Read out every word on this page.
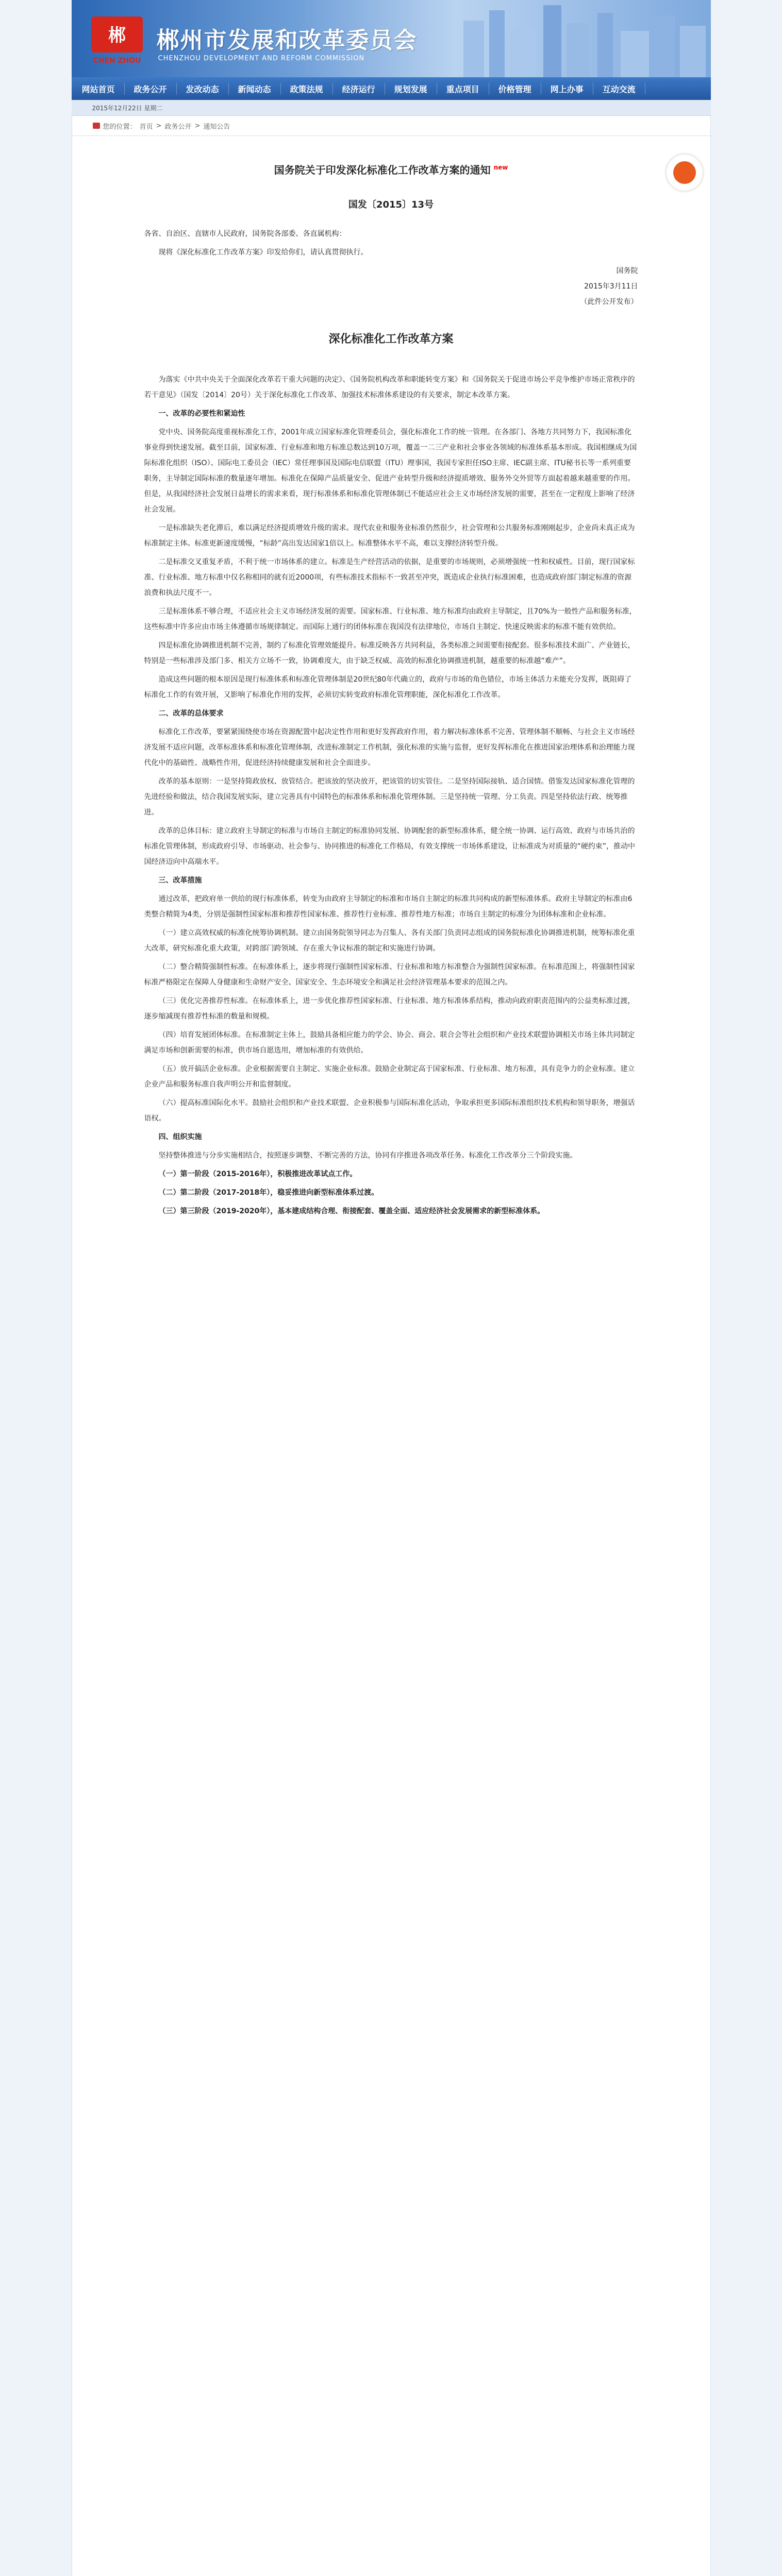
郴
CHEN ZHOU
郴州市发展和改革委员会
CHENZHOU DEVELOPMENT AND REFORM COMMISSION
网站首页	政务公开	发改动态	新闻动态	政策法规	经济运行	规划发展	重点项目	价格管理	网上办事	互动交流
2015年12月22日 星期二
您的位置： 首页 > 政务公开 > 通知公告
国务院关于印发深化标准化工作改革方案的通知 $^{new}$
国发〔2015〕13号

各省、自治区、直辖市人民政府，国务院各部委、各直属机构：

现将《深化标准化工作改革方案》印发给你们，请认真贯彻执行。

国务院
2015年3月11日
（此件公开发布）
深化标准化工作改革方案

为落实《中共中央关于全面深化改革若干重大问题的决定》、《国务院机构改革和职能转变方案》和《国务院关于促进市场公平竞争维护市场正常秩序的若干意见》（国发〔2014〕20号）关于深化标准化工作改革、加强技术标准体系建设的有关要求，制定本改革方案。

一、改革的必要性和紧迫性

党中央、国务院高度重视标准化工作，2001年成立国家标准化管理委员会，强化标准化工作的统一管理。在各部门、各地方共同努力下，我国标准化事业得到快速发展。截至目前，国家标准、行业标准和地方标准总数达到10万项，覆盖一二三产业和社会事业各领域的标准体系基本形成。我国相继成为国际标准化组织（ISO）、国际电工委员会（IEC）常任理事国及国际电信联盟（ITU）理事国，我国专家担任ISO主席、IEC副主席、ITU秘书长等一系列重要职务，主导制定国际标准的数量逐年增加。标准化在保障产品质量安全、促进产业转型升级和经济提质增效、服务外交外贸等方面起着越来越重要的作用。但是，从我国经济社会发展日益增长的需求来看，现行标准体系和标准化管理体制已不能适应社会主义市场经济发展的需要，甚至在一定程度上影响了经济社会发展。

一是标准缺失老化滞后，难以满足经济提质增效升级的需求。现代农业和服务业标准仍然很少，社会管理和公共服务标准刚刚起步，企业尚未真正成为标准制定主体。标准更新速度缓慢，“标龄”高出发达国家1倍以上。标准整体水平不高，难以支撑经济转型升级。

二是标准交叉重复矛盾，不利于统一市场体系的建立。标准是生产经营活动的依据，是重要的市场规则，必须增强统一性和权威性。目前，现行国家标准、行业标准、地方标准中仅名称相同的就有近2000项，有些标准技术指标不一致甚至冲突，既造成企业执行标准困难，也造成政府部门制定标准的资源浪费和执法尺度不一。

三是标准体系不够合理，不适应社会主义市场经济发展的需要。国家标准、行业标准、地方标准均由政府主导制定，且70%为一般性产品和服务标准，这些标准中许多应由市场主体遵循市场规律制定。而国际上通行的团体标准在我国没有法律地位，市场自主制定、快速反映需求的标准不能有效供给。

四是标准化协调推进机制不完善，制约了标准化管理效能提升。标准反映各方共同利益，各类标准之间需要衔接配套。很多标准技术面广、产业链长，特别是一些标准涉及部门多、相关方立场不一致，协调难度大，由于缺乏权威、高效的标准化协调推进机制，越重要的标准越“难产”。

造成这些问题的根本原因是现行标准体系和标准化管理体制是20世纪80年代确立的，政府与市场的角色错位，市场主体活力未能充分发挥，既阻碍了标准化工作的有效开展，又影响了标准化作用的发挥，必须切实转变政府标准化管理职能，深化标准化工作改革。

二、改革的总体要求

标准化工作改革，要紧紧围绕使市场在资源配置中起决定性作用和更好发挥政府作用，着力解决标准体系不完善、管理体制不顺畅、与社会主义市场经济发展不适应问题，改革标准体系和标准化管理体制，改进标准制定工作机制，强化标准的实施与监督，更好发挥标准化在推进国家治理体系和治理能力现代化中的基础性、战略性作用，促进经济持续健康发展和社会全面进步。

改革的基本原则：一是坚持简政放权、放管结合。把该放的坚决放开，把该管的切实管住。二是坚持国际接轨、适合国情。借鉴发达国家标准化管理的先进经验和做法，结合我国发展实际，建立完善具有中国特色的标准体系和标准化管理体制。三是坚持统一管理、分工负责。四是坚持依法行政、统筹推进。

改革的总体目标：建立政府主导制定的标准与市场自主制定的标准协同发展、协调配套的新型标准体系，健全统一协调、运行高效、政府与市场共治的标准化管理体制，形成政府引导、市场驱动、社会参与、协同推进的标准化工作格局，有效支撑统一市场体系建设，让标准成为对质量的“硬约束”，推动中国经济迈向中高端水平。

三、改革措施

通过改革，把政府单一供给的现行标准体系，转变为由政府主导制定的标准和市场自主制定的标准共同构成的新型标准体系。政府主导制定的标准由6类整合精简为4类，分别是强制性国家标准和推荐性国家标准、推荐性行业标准、推荐性地方标准；市场自主制定的标准分为团体标准和企业标准。

（一）建立高效权威的标准化统筹协调机制。建立由国务院领导同志为召集人、各有关部门负责同志组成的国务院标准化协调推进机制，统筹标准化重大改革，研究标准化重大政策，对跨部门跨领域、存在重大争议标准的制定和实施进行协调。

（二）整合精简强制性标准。在标准体系上，逐步将现行强制性国家标准、行业标准和地方标准整合为强制性国家标准。在标准范围上，将强制性国家标准严格限定在保障人身健康和生命财产安全、国家安全、生态环境安全和满足社会经济管理基本要求的范围之内。

（三）优化完善推荐性标准。在标准体系上，进一步优化推荐性国家标准、行业标准、地方标准体系结构，推动向政府职责范围内的公益类标准过渡，逐步缩减现有推荐性标准的数量和规模。

（四）培育发展团体标准。在标准制定主体上，鼓励具备相应能力的学会、协会、商会、联合会等社会组织和产业技术联盟协调相关市场主体共同制定满足市场和创新需要的标准，供市场自愿选用，增加标准的有效供给。

（五）放开搞活企业标准。企业根据需要自主制定、实施企业标准。鼓励企业制定高于国家标准、行业标准、地方标准，具有竞争力的企业标准。建立企业产品和服务标准自我声明公开和监督制度。

（六）提高标准国际化水平。鼓励社会组织和产业技术联盟、企业积极参与国际标准化活动，争取承担更多国际标准组织技术机构和领导职务，增强话语权。

四、组织实施

坚持整体推进与分步实施相结合，按照逐步调整、不断完善的方法，协同有序推进各项改革任务。标准化工作改革分三个阶段实施。

（一）第一阶段（2015-2016年），积极推进改革试点工作。

（二）第二阶段（2017-2018年），稳妥推进向新型标准体系过渡。

（三）第三阶段（2019-2020年），基本建成结构合理、衔接配套、覆盖全面、适应经济社会发展需求的新型标准体系。
